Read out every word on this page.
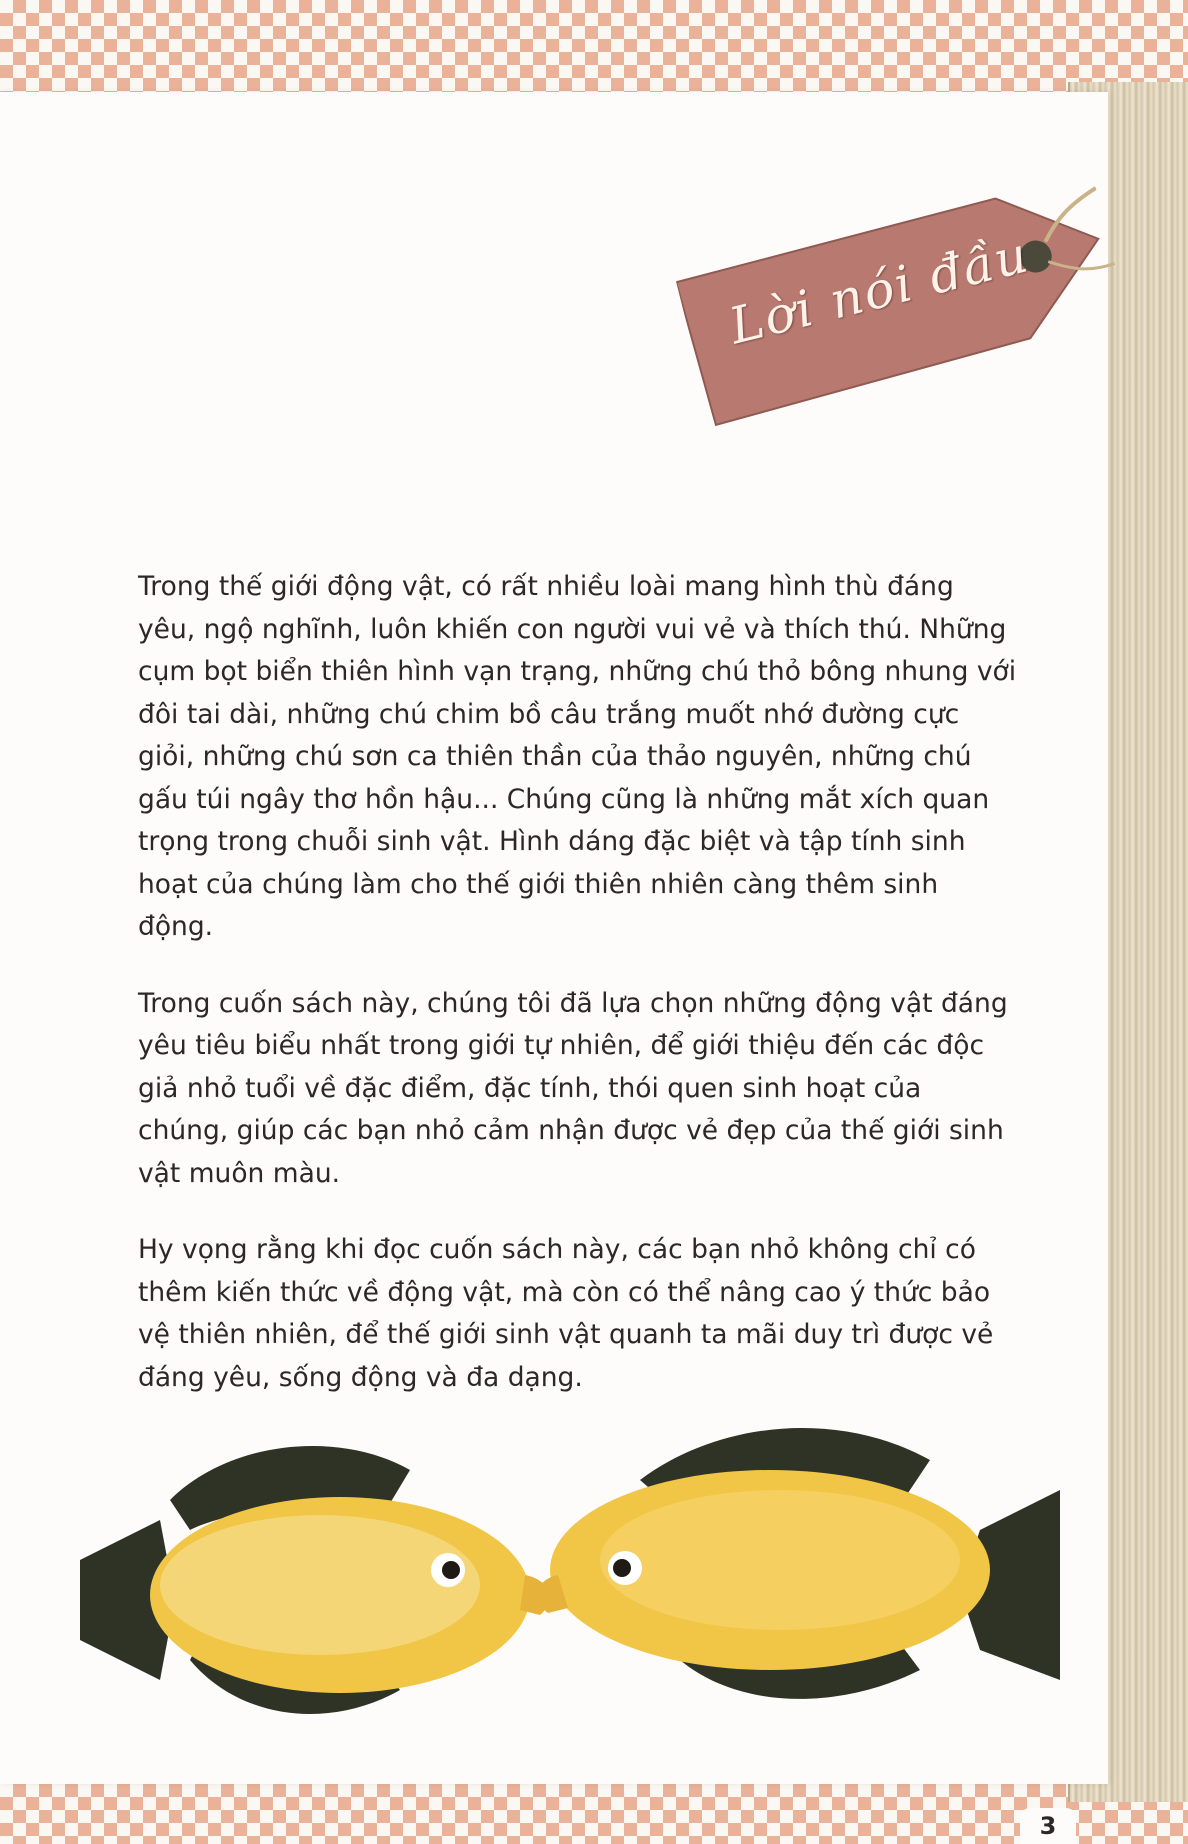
Lời nói đầu

Trong thế giới động vật, có rất nhiều loài mang hình thù đáng yêu, ngộ nghĩnh, luôn khiến con người vui vẻ và thích thú. Những cụm bọt biển thiên hình vạn trạng, những chú thỏ bông nhung với đôi tai dài, những chú chim bồ câu trắng muốt nhớ đường cực giỏi, những chú sơn ca thiên thần của thảo nguyên, những chú gấu túi ngây thơ hồn hậu... Chúng cũng là những mắt xích quan trọng trong chuỗi sinh vật. Hình dáng đặc biệt và tập tính sinh hoạt của chúng làm cho thế giới thiên nhiên càng thêm sinh động.

Trong cuốn sách này, chúng tôi đã lựa chọn những động vật đáng yêu tiêu biểu nhất trong giới tự nhiên, để giới thiệu đến các độc giả nhỏ tuổi về đặc điểm, đặc tính, thói quen sinh hoạt của chúng, giúp các bạn nhỏ cảm nhận được vẻ đẹp của thế giới sinh vật muôn màu.

Hy vọng rằng khi đọc cuốn sách này, các bạn nhỏ không chỉ có thêm kiến thức về động vật, mà còn có thể nâng cao ý thức bảo vệ thiên nhiên, để thế giới sinh vật quanh ta mãi duy trì được vẻ đáng yêu, sống động và đa dạng.

3
